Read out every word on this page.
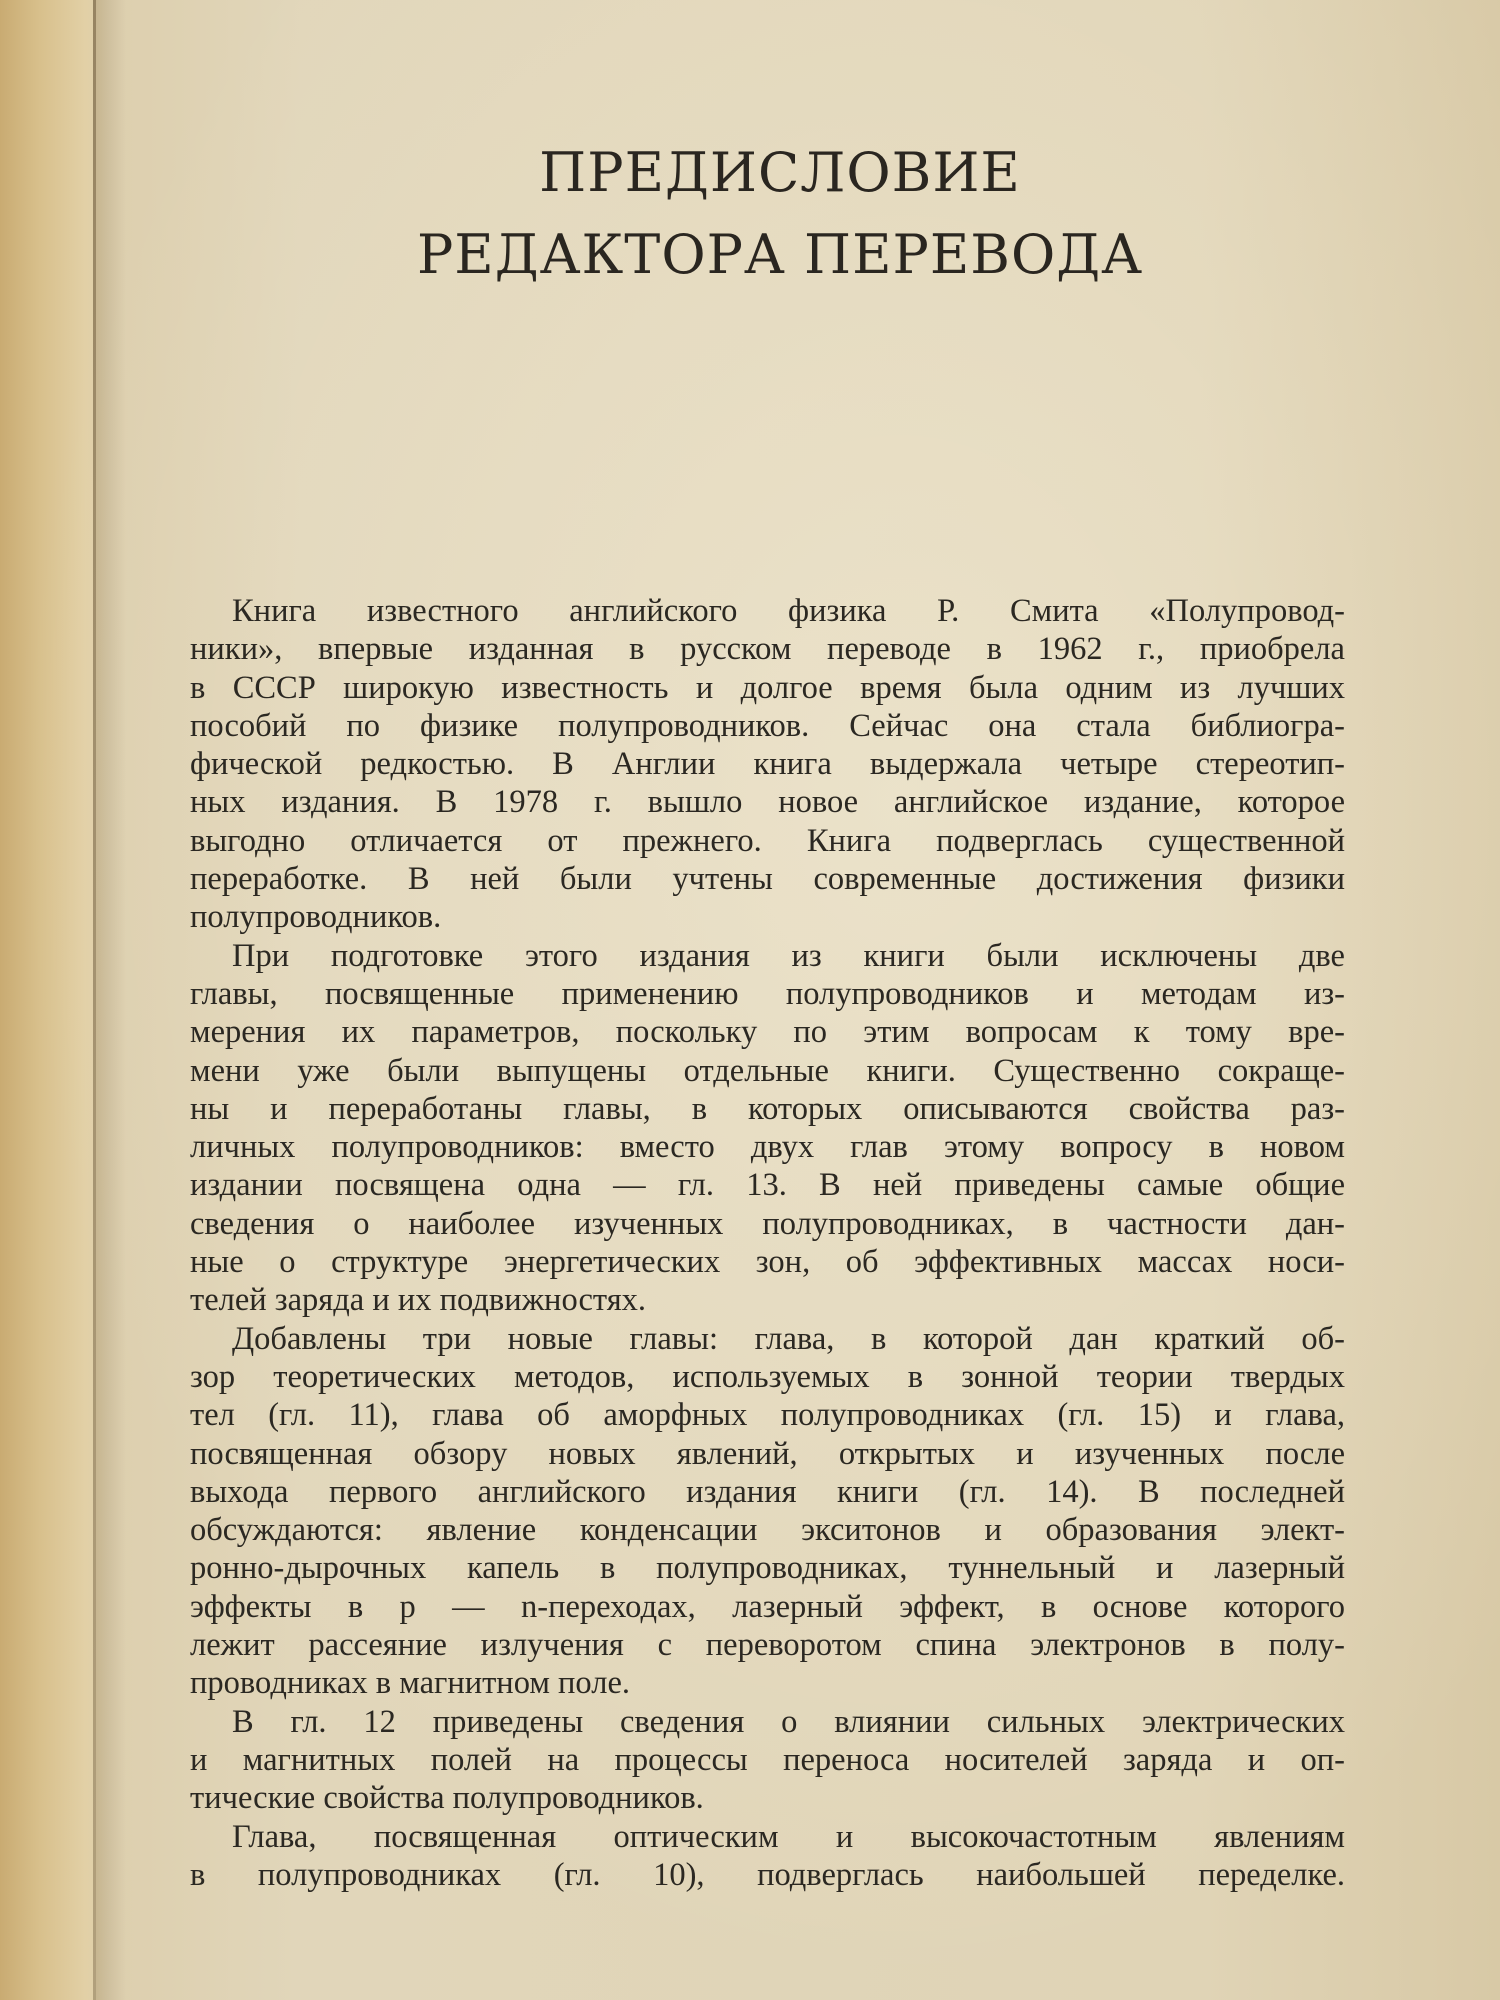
ПРЕДИСЛОВИЕ
РЕДАКТОРА ПЕРЕВОДА
Книга известного английского физика Р. Смита «Полупровод-
ники», впервые изданная в русском переводе в 1962 г., приобрела
в СССР широкую известность и долгое время была одним из лучших
пособий по физике полупроводников. Сейчас она стала библиогра-
фической редкостью. В Англии книга выдержала четыре стереотип-
ных издания. В 1978 г. вышло новое английское издание, которое
выгодно отличается от прежнего. Книга подверглась существенной
переработке. В ней были учтены современные достижения физики
полупроводников.
При подготовке этого издания из книги были исключены две
главы, посвященные применению полупроводников и методам из-
мерения их параметров, поскольку по этим вопросам к тому вре-
мени уже были выпущены отдельные книги. Существенно сокраще-
ны и переработаны главы, в которых описываются свойства раз-
личных полупроводников: вместо двух глав этому вопросу в новом
издании посвящена одна — гл. 13. В ней приведены самые общие
сведения о наиболее изученных полупроводниках, в частности дан-
ные о структуре энергетических зон, об эффективных массах носи-
телей заряда и их подвижностях.
Добавлены три новые главы: глава, в которой дан краткий об-
зор теоретических методов, используемых в зонной теории твердых
тел (гл. 11), глава об аморфных полупроводниках (гл. 15) и глава,
посвященная обзору новых явлений, открытых и изученных после
выхода первого английского издания книги (гл. 14). В последней
обсуждаются: явление конденсации экситонов и образования элект-
ронно-дырочных капель в полупроводниках, туннельный и лазерный
эффекты в p — n-переходах, лазерный эффект, в основе которого
лежит рассеяние излучения с переворотом спина электронов в полу-
проводниках в магнитном поле.
В гл. 12 приведены сведения о влиянии сильных электрических
и магнитных полей на процессы переноса носителей заряда и оп-
тические свойства полупроводников.
Глава, посвященная оптическим и высокочастотным явлениям
в полупроводниках (гл. 10), подверглась наибольшей переделке.
